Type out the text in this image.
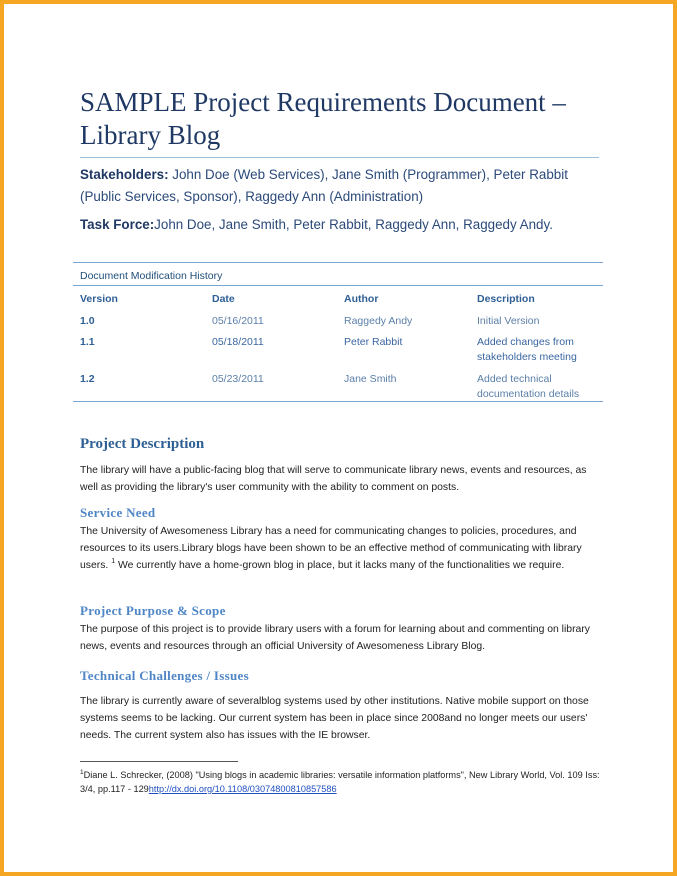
SAMPLE Project Requirements Document – Library Blog

Stakeholders: John Doe (Web Services), Jane Smith (Programmer), Peter Rabbit (Public Services, Sponsor), Raggedy Ann (Administration)

Task Force:John Doe, Jane Smith, Peter Rabbit, Raggedy Ann, Raggedy Andy.

Document Modification History
Version	Date	Author	Description
1.0	05/16/2011	Raggedy Andy	Initial Version
1.1	05/18/2011	Peter Rabbit	Added changes from stakeholders meeting
1.2	05/23/2011	Jane Smith	Added technical documentation details
Project Description

The library will have a public-facing blog that will serve to communicate library news, events and resources, as well as providing the library's user community with the ability to comment on posts.

Service Need

The University of Awesomeness Library has a need for communicating changes to policies, procedures, and resources to its users.Library blogs have been shown to be an effective method of communicating with library users. $^1$ We currently have a home-grown blog in place, but it lacks many of the functionalities we require.

Project Purpose & Scope

The purpose of this project is to provide library users with a forum for learning about and commenting on library news, events and resources through an official University of Awesomeness Library Blog.

Technical Challenges / Issues

The library is currently aware of severalblog systems used by other institutions. Native mobile support on those systems seems to be lacking. Our current system has been in place since 2008and no longer meets our users' needs. The current system also has issues with the IE browser.

$^1$Diane L. Schrecker, (2008) "Using blogs in academic libraries: versatile information platforms", New Library World, Vol. 109 Iss: 3/4, pp.117 - 129http://dx.doi.org/10.1108/03074800810857586
